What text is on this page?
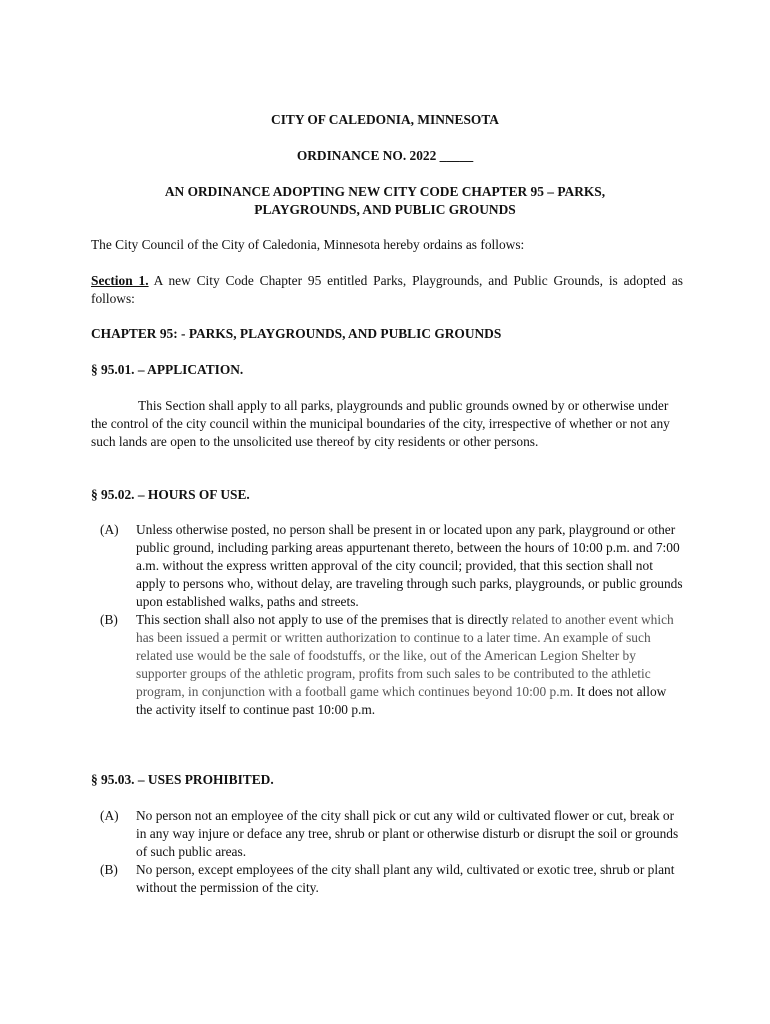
CITY OF CALEDONIA, MINNESOTA
ORDINANCE NO. 2022 _____
AN ORDINANCE ADOPTING NEW CITY CODE CHAPTER 95 – PARKS,
PLAYGROUNDS, AND PUBLIC GROUNDS
The City Council of the City of Caledonia, Minnesota hereby ordains as follows:
Section 1. A new City Code Chapter 95 entitled Parks, Playgrounds, and Public Grounds, is adopted as follows:
CHAPTER 95: - PARKS, PLAYGROUNDS, AND PUBLIC GROUNDS
§ 95.01. – APPLICATION.
This Section shall apply to all parks, playgrounds and public grounds owned by or otherwise under the control of the city council within the municipal boundaries of the city, irrespective of whether or not any such lands are open to the unsolicited use thereof by city residents or other persons.
§ 95.02. – HOURS OF USE.
(A) Unless otherwise posted, no person shall be present in or located upon any park, playground or other public ground, including parking areas appurtenant thereto, between the hours of 10:00 p.m. and 7:00 a.m. without the express written approval of the city council; provided, that this section shall not apply to persons who, without delay, are traveling through such parks, playgrounds, or public grounds upon established walks, paths and streets.
(B) This section shall also not apply to use of the premises that is directly related to another event which has been issued a permit or written authorization to continue to a later time. An example of such related use would be the sale of foodstuffs, or the like, out of the American Legion Shelter by supporter groups of the athletic program, profits from such sales to be contributed to the athletic program, in conjunction with a football game which continues beyond 10:00 p.m. It does not allow the activity itself to continue past 10:00 p.m.
§ 95.03. – USES PROHIBITED.
(A) No person not an employee of the city shall pick or cut any wild or cultivated flower or cut, break or in any way injure or deface any tree, shrub or plant or otherwise disturb or disrupt the soil or grounds of such public areas.
(B) No person, except employees of the city shall plant any wild, cultivated or exotic tree, shrub or plant without the permission of the city.
